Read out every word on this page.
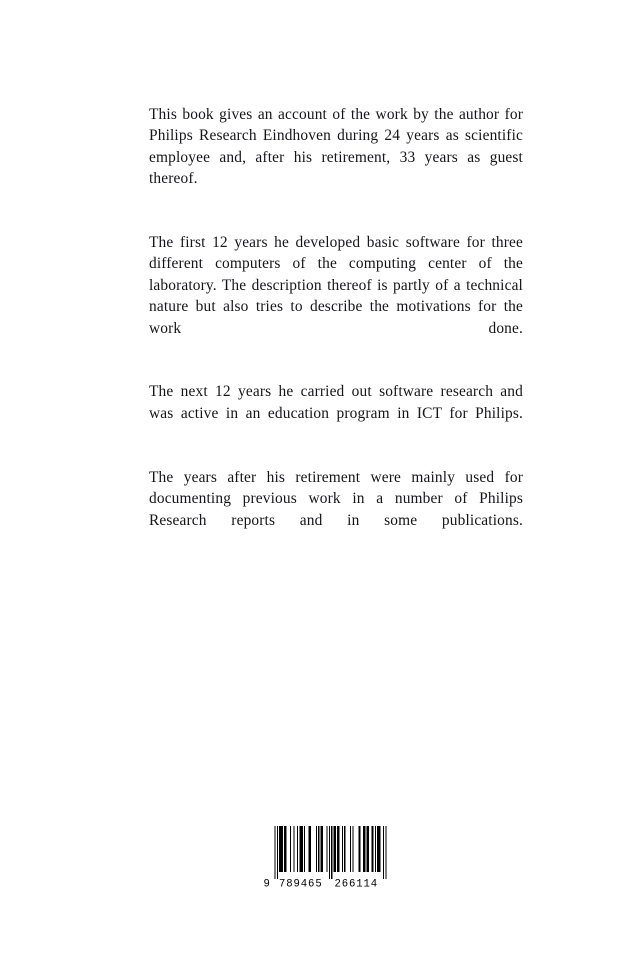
This book gives an account of the work by the author for Philips Research Eindhoven during 24 years as scientific employee and, after his retirement, 33 years as guest thereof.

The first 12 years he developed basic software for three different computers of the computing center of the laboratory. The description thereof is partly of a technical nature but also tries to describe the motivations for the work done.

The next 12 years he carried out software research and was active in an education program in ICT for Philips.

The years after his retirement were mainly used for documenting previous work in a number of Philips Research reports and in some publications.

9 789465 266114
